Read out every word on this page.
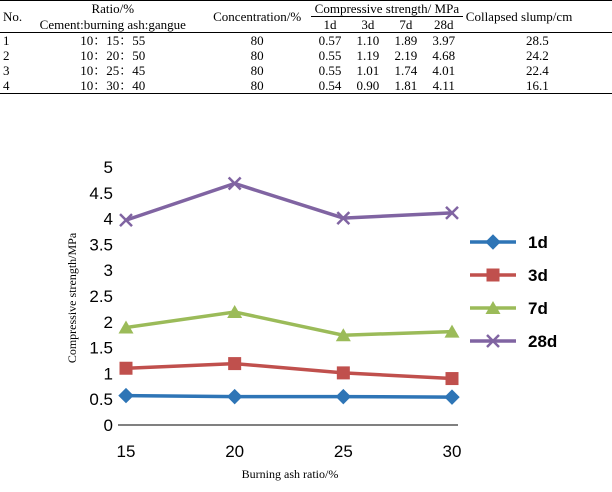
No.	Ratio/%	Concentration/%	Compressive strength/ MPa				Collapsed slump/cm
	Cement:burning ash:gangue		1d	3d	7d	28d	
1	10：15：55	80	0.57	1.10	1.89	3.97	28.5
2	10：20：50	80	0.55	1.19	2.19	4.68	24.2
3	10：25：45	80	0.55	1.01	1.74	4.01	22.4
4	10：30：40	80	0.54	0.90	1.81	4.11	16.1
0
0.5
1
1.5
2
2.5
3
3.5
4
4.5
5
15	20	25	30
1d
3d
7d
28d
Compressive strength/MPa
Burning ash ratio/%
